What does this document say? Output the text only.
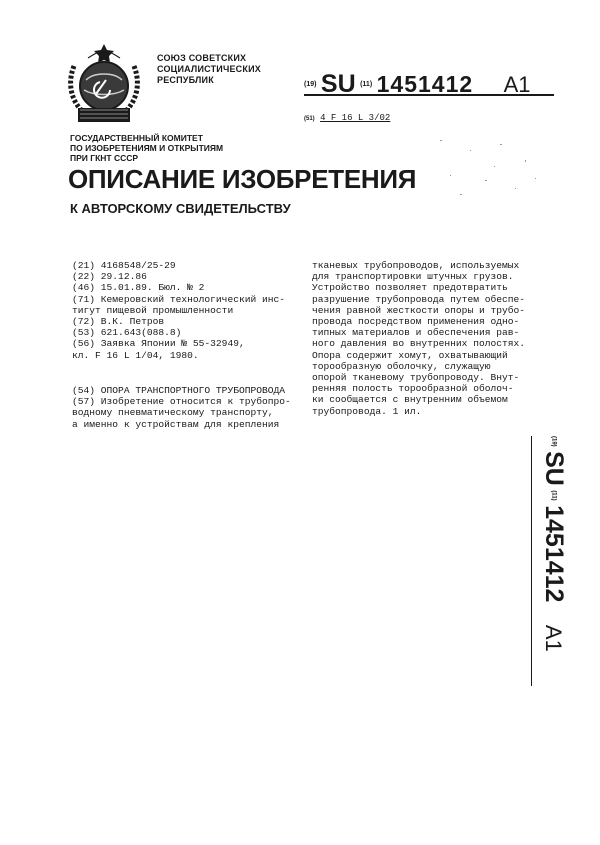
СОЮЗ СОВЕТСКИХ
СОЦИАЛИСТИЧЕСКИХ
РЕСПУБЛИК	(19) SU (11) 1451412 A1
(51) 4 F 16 L 3/02
ГОСУДАРСТВЕННЫЙ КОМИТЕТ
ПО ИЗОБРЕТЕНИЯМ И ОТКРЫТИЯМ
ПРИ ГКНТ СССР
ОПИСАНИЕ ИЗОБРЕТЕНИЯ
К АВТОРСКОМУ СВИДЕТЕЛЬСТВУ
(21) 4168548/25-29
(22) 29.12.86
(46) 15.01.89. Бюл. № 2
(71) Кемеровский технологический инс-
тигут пищевой промышленности
(72) В.К. Петров
(53) 621.643(088.8)
(56) Заявка Японии № 55-32949,
кл. F 16 L 1/04, 1980.
(54) ОПОРА ТРАНСПОРТНОГО ТРУБОПРОВОДА
(57) Изобретение относится к трубопро-
водному пневматическому транспорту,
а именно к устройствам для крепления
тканевых трубопроводов, используемых
для транспортировки штучных грузов.
Устройство позволяет предотвратить
разрушение трубопровода путем обеспе-
чения равной жесткости опоры и трубо-
провода посредством применения одно-
типных материалов и обеспечения рав-
ного давления во внутренних полостях.
Опора содержит хомут, охватывающий
торообразную оболочку, служащую
опорой тканевому трубопроводу. Внут-
ренняя полость торообразной оболоч-
ки сообщается с внутренним объемом
трубопровода. 1 ил.
(19) SU (11) 1451412 A1
